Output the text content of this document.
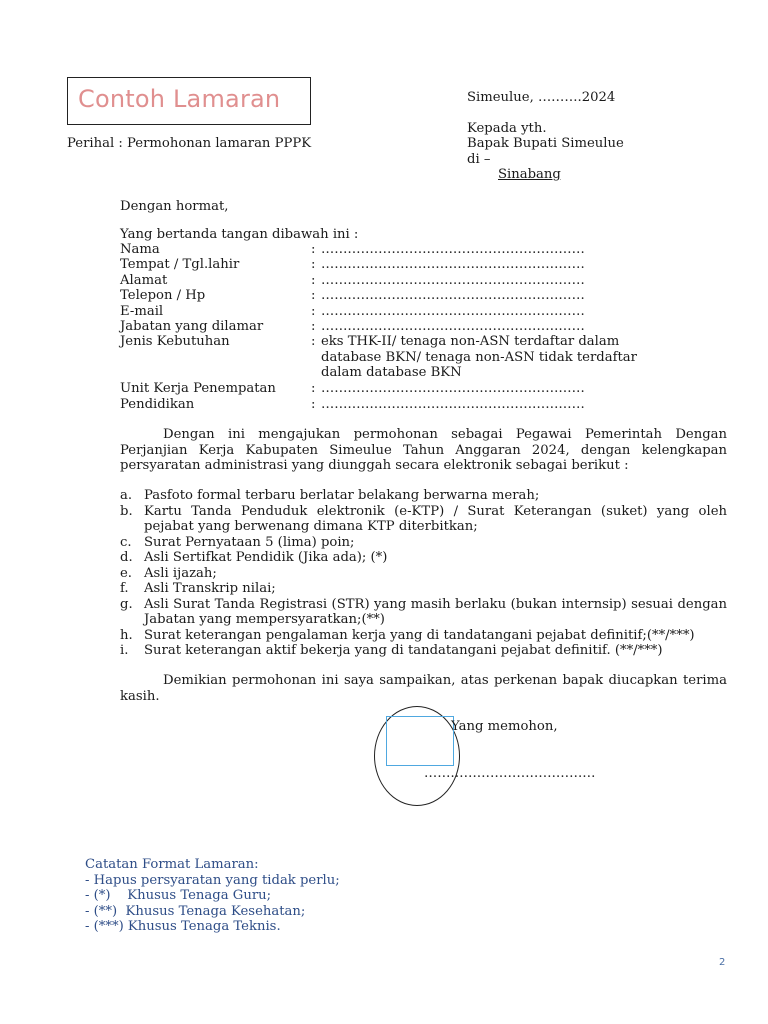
Contoh Lamaran	Simeulue, ……….2024
Kepada yth.
Bapak Bupati Simeulue
di –
Sinabang
Perihal : Permohonan lamaran PPPK
Dengan hormat,
Yang bertanda tangan dibawah ini :
Nama	: ……………………………………………………
Tempat / Tgl.lahir	: ……………………………………………………
Alamat	: ……………………………………………………
Telepon / Hp	: ……………………………………………………
E-mail	: ……………………………………………………
Jabatan yang dilamar	: ……………………………………………………
Jenis Kebutuhan	: eks THK-II/ tenaga non-ASN terdaftar dalam
database BKN/ tenaga non-ASN tidak terdaftar
dalam database BKN
Unit Kerja Penempatan	: ……………………………………………………
Pendidikan	: ……………………………………………………

Dengan ini mengajukan permohonan sebagai Pegawai Pemerintah Dengan Perjanjian Kerja Kabupaten Simeulue Tahun Anggaran 2024, dengan kelengkapan persyaratan administrasi yang diunggah secara elektronik sebagai berikut :

a. Pasfoto formal terbaru berlatar belakang berwarna merah;
b. Kartu Tanda Penduduk elektronik (e-KTP) / Surat Keterangan (suket) yang oleh pejabat yang berwenang dimana KTP diterbitkan;
c. Surat Pernyataan 5 (lima) poin;
d. Asli Sertifkat Pendidik (Jika ada); (*)
e. Asli ijazah;
f. Asli Transkrip nilai;
g. Asli Surat Tanda Registrasi (STR) yang masih berlaku (bukan internsip) sesuai dengan Jabatan yang mempersyaratkan;(**)
h. Surat keterangan pengalaman kerja yang di tandatangani pejabat definitif;(**/***)
i. Surat keterangan aktif bekerja yang di tandatangani pejabat definitif. (**/***)

Demikian permohonan ini saya sampaikan, atas perkenan bapak diucapkan terima kasih.

Yang memohon,
…………………………………
Catatan Format Lamaran:
- Hapus persyaratan yang tidak perlu;
- (*)    Khusus Tenaga Guru;
- (**)  Khusus Tenaga Kesehatan;
- (***) Khusus Tenaga Teknis.
2
